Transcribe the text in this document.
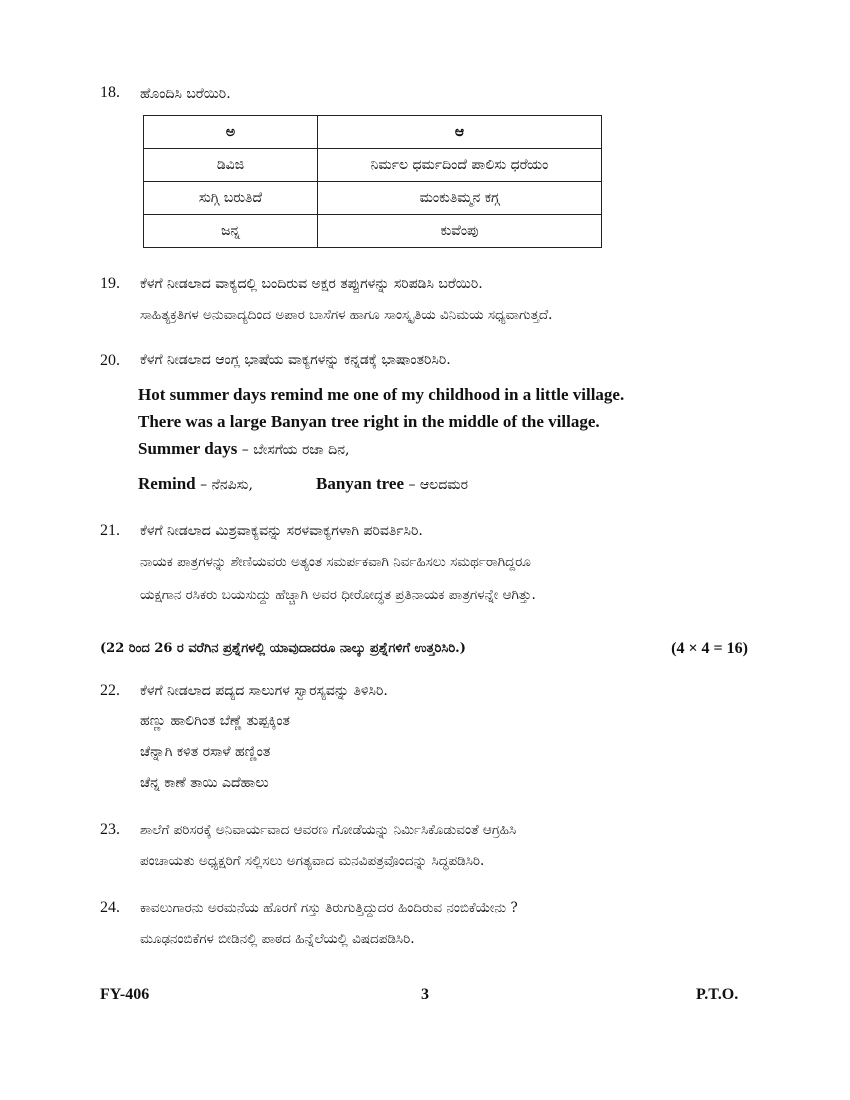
18. ಹೊಂದಿಸಿ ಬರೆಯಿರಿ.
ಅ	ಆ
ಡಿವಿಜಿ	ನಿರ್ಮಲ ಧರ್ಮದಿಂದೆ ಪಾಲಿಸು ಧರೆಯಂ
ಸುಗ್ಗಿ ಬರುತಿದೆ	ಮಂಕುತಿಮ್ಮನ ಕಗ್ಗ
ಜನ್ನ	ಕುವೆಂಪು
19. ಕೆಳಗೆ ನೀಡಲಾದ ವಾಕ್ಯದಲ್ಲಿ ಬಂದಿರುವ ಅಕ್ಷರ ತಪ್ಪುಗಳನ್ನು ಸರಿಪಡಿಸಿ ಬರೆಯಿರಿ.
ಸಾಹಿತ್ಯಕ್ರತಿಗಳ ಅನುವಾದ್ಯದಿಂದ ಅಪಾರ ಬಾಸೆಗಳ ಹಾಗೂ ಸಾಂಸ್ಕೃತಿಯ ವಿನಿಮಯ ಸಧ್ಯವಾಗುತ್ತದೆ.
20. ಕೆಳಗೆ ನೀಡಲಾದ ಆಂಗ್ಲ ಭಾಷೆಯ ವಾಕ್ಯಗಳನ್ನು ಕನ್ನಡಕ್ಕೆ ಭಾಷಾಂತರಿಸಿರಿ.
Hot summer days remind me one of my childhood in a little village.
There was a large Banyan tree right in the middle of the village.
Summer days – ಬೇಸಗೆಯ ರಜಾ ದಿನ,
Remind – ನೆನಪಿಸು,	Banyan tree – ಆಲದಮರ
21. ಕೆಳಗೆ ನೀಡಲಾದ ಮಿಶ್ರವಾಕ್ಯವನ್ನು ಸರಳವಾಕ್ಯಗಳಾಗಿ ಪರಿವರ್ತಿಸಿರಿ.
ನಾಯಕ ಪಾತ್ರಗಳನ್ನು ಶೇಣಿಯವರು ಅತ್ಯಂತ ಸಮರ್ಪಕವಾಗಿ ನಿರ್ವಹಿಸಲು ಸಮರ್ಥರಾಗಿದ್ದರೂ
ಯಕ್ಷಗಾನ ರಸಿಕರು ಬಯಸುದ್ದು ಹೆಚ್ಚಾಗಿ ಅವರ ಧೀರೋದ್ಧತ ಪ್ರತಿನಾಯಕ ಪಾತ್ರಗಳನ್ನೇ ಆಗಿತ್ತು.
(22 ರಿಂದ 26 ರ ವರೆಗಿನ ಪ್ರಶ್ನೆಗಳಲ್ಲಿ ಯಾವುದಾದರೂ ನಾಲ್ಕು ಪ್ರಶ್ನೆಗಳಿಗೆ ಉತ್ತರಿಸಿರಿ.)	(4 × 4 = 16)
22. ಕೆಳಗೆ ನೀಡಲಾದ ಪದ್ಯದ ಸಾಲುಗಳ ಸ್ವಾರಸ್ಯವನ್ನು ತಿಳಿಸಿರಿ.
ಹಣ್ಣು ಹಾಲಿಗಿಂತ ಬೆಣ್ಣೆ ತುಪ್ಪಕ್ಕಿಂತ
ಚೆನ್ನಾಗಿ ಕಳಿತ ರಸಾಳೆ ಹಣ್ಣಿಂತ
ಚೆನ್ನ ಕಾಣೆ ತಾಯಿ ಎದೆಹಾಲು
23. ಶಾಲೆಗೆ ಪರಿಸರಕ್ಕೆ ಅನಿವಾರ್ಯವಾದ ಆವರಣ ಗೋಡೆಯನ್ನು ನಿರ್ಮಿಸಿಕೊಡುವಂತೆ ಆಗ್ರಹಿಸಿ
ಪಂಚಾಯತು ಅಧ್ಯಕ್ಷರಿಗೆ ಸಲ್ಲಿಸಲು ಅಗತ್ಯವಾದ ಮನವಿಪತ್ರವೊಂದನ್ನು ಸಿದ್ಧಪಡಿಸಿರಿ.
24. ಕಾವಲುಗಾರನು ಅರಮನೆಯ ಹೊರಗೆ ಗಸ್ತು ತಿರುಗುತ್ತಿದ್ದುದರ ಹಿಂದಿರುವ ನಂಬಿಕೆಯೇನು ?
ಮೂಢನಂಬಿಕೆಗಳ ಬೀಡಿನಲ್ಲಿ ಪಾಠದ ಹಿನ್ನೆಲೆಯಲ್ಲಿ ವಿಷದಪಡಿಸಿರಿ.
FY-406	3	P.T.O.
